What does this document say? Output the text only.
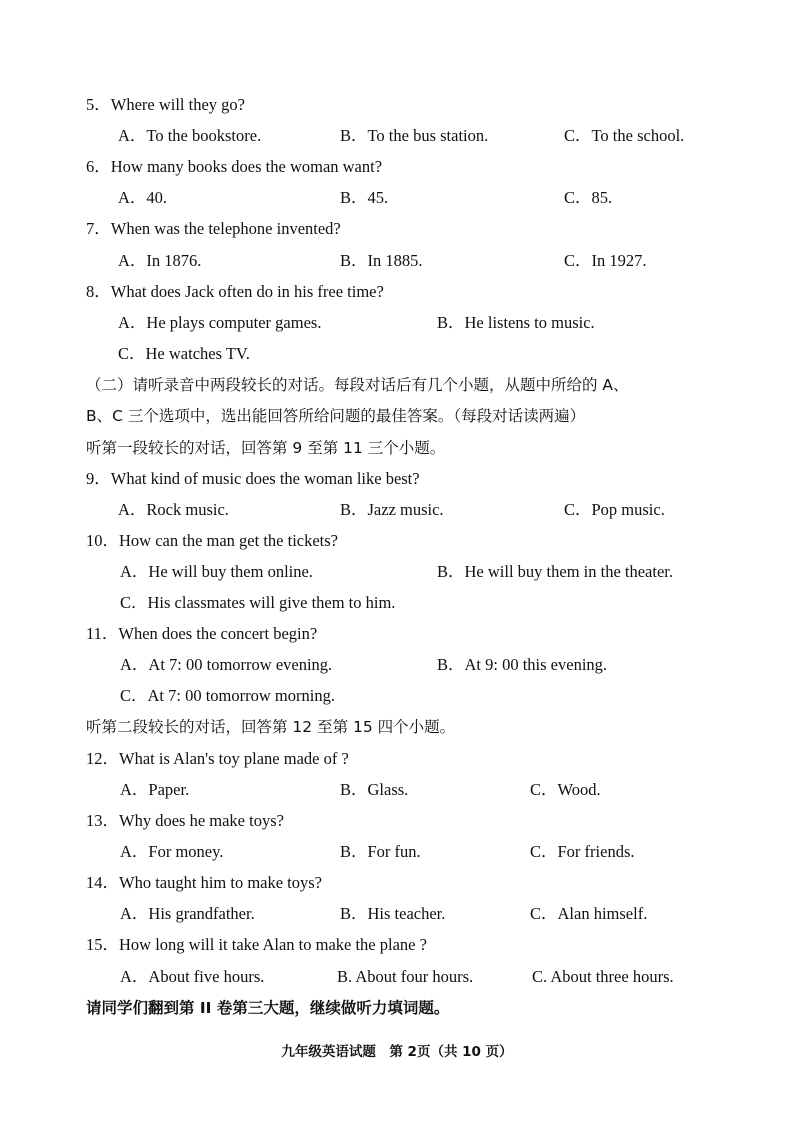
5．Where will they go?
A．To the bookstore.	B．To the bus station.	C．To the school.
6．How many books does the woman want?
A．40.	B．45.	C．85.
7．When was the telephone invented?
A．In 1876.	B．In 1885.	C．In 1927.
8．What does Jack often do in his free time?
A．He plays computer games.	B．He listens to music.
C．He watches TV.
（二）请听录音中两段较长的对话。每段对话后有几个小题，从题中所给的 A、
B、C 三个选项中，选出能回答所给问题的最佳答案。（每段对话读两遍）
听第一段较长的对话，回答第 9 至第 11 三个小题。
9．What kind of music does the woman like best?
A．Rock music.	B．Jazz music.	C．Pop music.
10．How can the man get the tickets?
A．He will buy them online.	B．He will buy them in the theater.
C．His classmates will give them to him.
11．When does the concert begin?
A．At 7: 00 tomorrow evening.	B．At 9: 00 this evening.
C．At 7: 00 tomorrow morning.
听第二段较长的对话，回答第 12 至第 15 四个小题。
12．What is Alan's toy plane made of ?
A．Paper.	B．Glass.	C．Wood.
13．Why does he make toys?
A．For money.	B．For fun.	C．For friends.
14．Who taught him to make toys?
A．His grandfather.	B．His teacher.	C．Alan himself.
15．How long will it take Alan to make the plane ?
A．About five hours.	B. About four hours.	C. About three hours.
请同学们翻到第 II 卷第三大题，继续做听力填词题。
九年级英语试题　第 2页（共 10 页）
